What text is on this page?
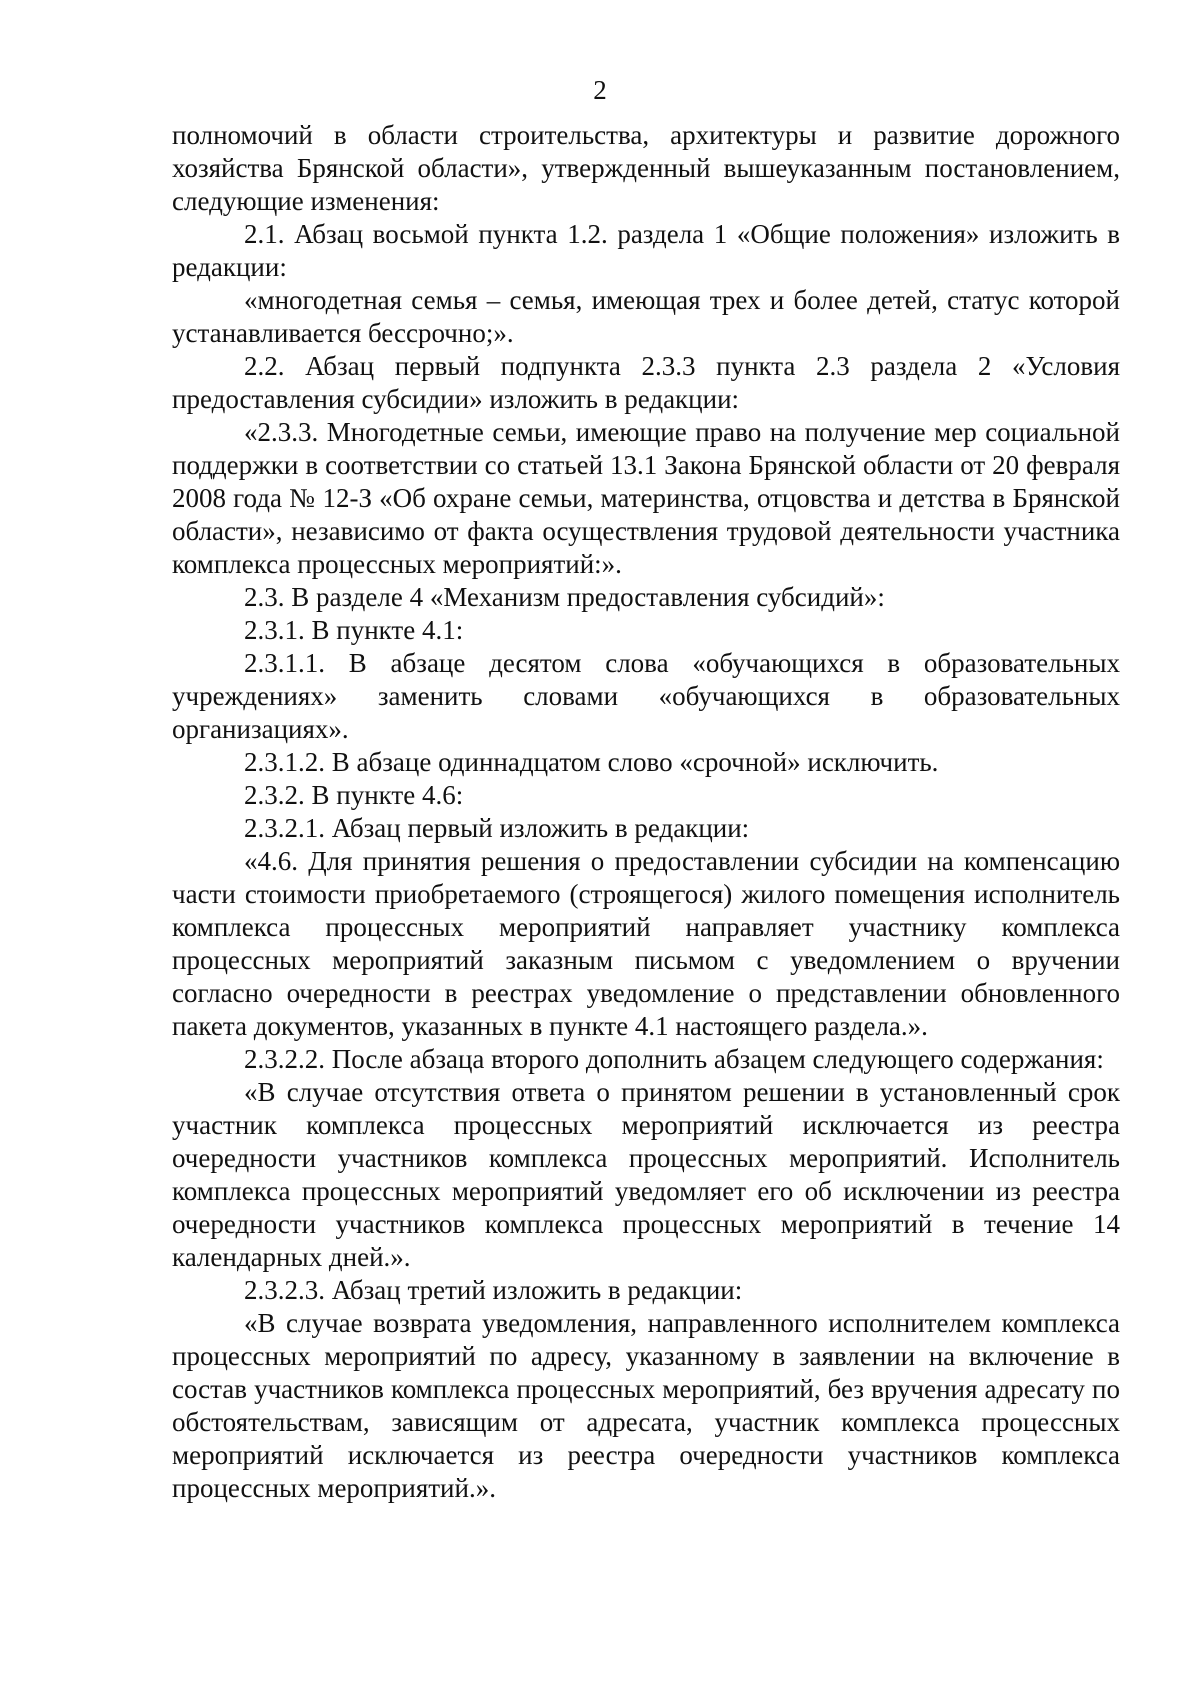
2

полномочий в области строительства, архитектуры и развитие дорожного хозяйства Брянской области», утвержденный вышеуказанным постановлением, следующие изменения:

2.1. Абзац восьмой пункта 1.2. раздела 1 «Общие положения» изложить в редакции:

«многодетная семья – семья, имеющая трех и более детей, статус которой устанавливается бессрочно;».

2.2. Абзац первый подпункта 2.3.3 пункта 2.3 раздела 2 «Условия предоставления субсидии» изложить в редакции:

«2.3.3. Многодетные семьи, имеющие право на получение мер социальной поддержки в соответствии со статьей 13.1 Закона Брянской области от 20 февраля 2008 года № 12-З «Об охране семьи, материнства, отцовства и детства в Брянской области», независимо от факта осуществления трудовой деятельности участника комплекса процессных мероприятий:».

2.3. В разделе 4 «Механизм предоставления субсидий»:

2.3.1. В пункте 4.1:

2.3.1.1. В абзаце десятом слова «обучающихся в образовательных учреждениях» заменить словами «обучающихся в образовательных организациях».

2.3.1.2. В абзаце одиннадцатом слово «срочной» исключить.

2.3.2. В пункте 4.6:

2.3.2.1. Абзац первый изложить в редакции:

«4.6. Для принятия решения о предоставлении субсидии на компенсацию части стоимости приобретаемого (строящегося) жилого помещения исполнитель комплекса процессных мероприятий направляет участнику комплекса процессных мероприятий заказным письмом с уведомлением о вручении согласно очередности в реестрах уведомление о представлении обновленного пакета документов, указанных в пункте 4.1 настоящего раздела.».

2.3.2.2. После абзаца второго дополнить абзацем следующего содержания:

«В случае отсутствия ответа о принятом решении в установленный срок участник комплекса процессных мероприятий исключается из реестра очередности участников комплекса процессных мероприятий. Исполнитель комплекса процессных мероприятий уведомляет его об исключении из реестра очередности участников комплекса процессных мероприятий в течение 14 календарных дней.».

2.3.2.3. Абзац третий изложить в редакции:

«В случае возврата уведомления, направленного исполнителем комплекса процессных мероприятий по адресу, указанному в заявлении на включение в состав участников комплекса процессных мероприятий, без вручения адресату по обстоятельствам, зависящим от адресата, участник комплекса процессных мероприятий исключается из реестра очередности участников комплекса процессных мероприятий.».
